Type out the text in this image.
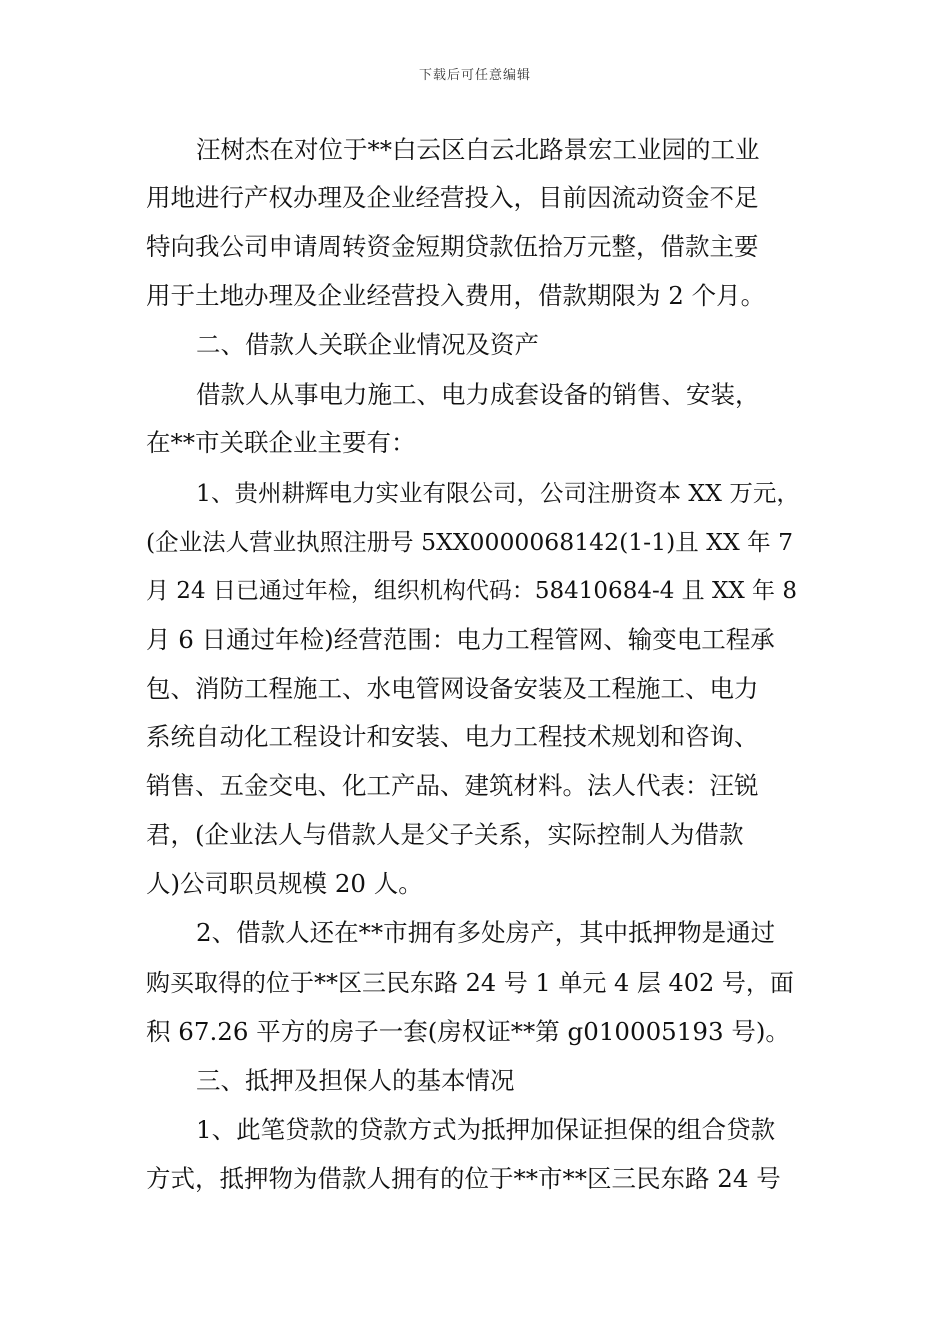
下载后可任意编辑
汪树杰在对位于**白云区白云北路景宏工业园的工业
用地进行产权办理及企业经营投入，目前因流动资金不足
特向我公司申请周转资金短期贷款伍拾万元整，借款主要
用于土地办理及企业经营投入费用，借款期限为 2 个月。
二、借款人关联企业情况及资产
借款人从事电力施工、电力成套设备的销售、安装，
在**市关联企业主要有：
1、贵州耕辉电力实业有限公司，公司注册资本 XX 万元，
(企业法人营业执照注册号 5XX0000068142(1-1)且 XX 年 7
月 24 日已通过年检，组织机构代码：58410684-4 且 XX 年 8
月 6 日通过年检)经营范围：电力工程管网、输变电工程承
包、消防工程施工、水电管网设备安装及工程施工、电力
系统自动化工程设计和安装、电力工程技术规划和咨询、
销售、五金交电、化工产品、建筑材料。法人代表：汪锐
君，(企业法人与借款人是父子关系，实际控制人为借款
人)公司职员规模 20 人。
2、借款人还在**市拥有多处房产，其中抵押物是通过
购买取得的位于**区三民东路 24 号 1 单元 4 层 402 号，面
积 67.26 平方的房子一套(房权证**第 g010005193 号)。
三、抵押及担保人的基本情况
1、此笔贷款的贷款方式为抵押加保证担保的组合贷款
方式，抵押物为借款人拥有的位于**市**区三民东路 24 号
